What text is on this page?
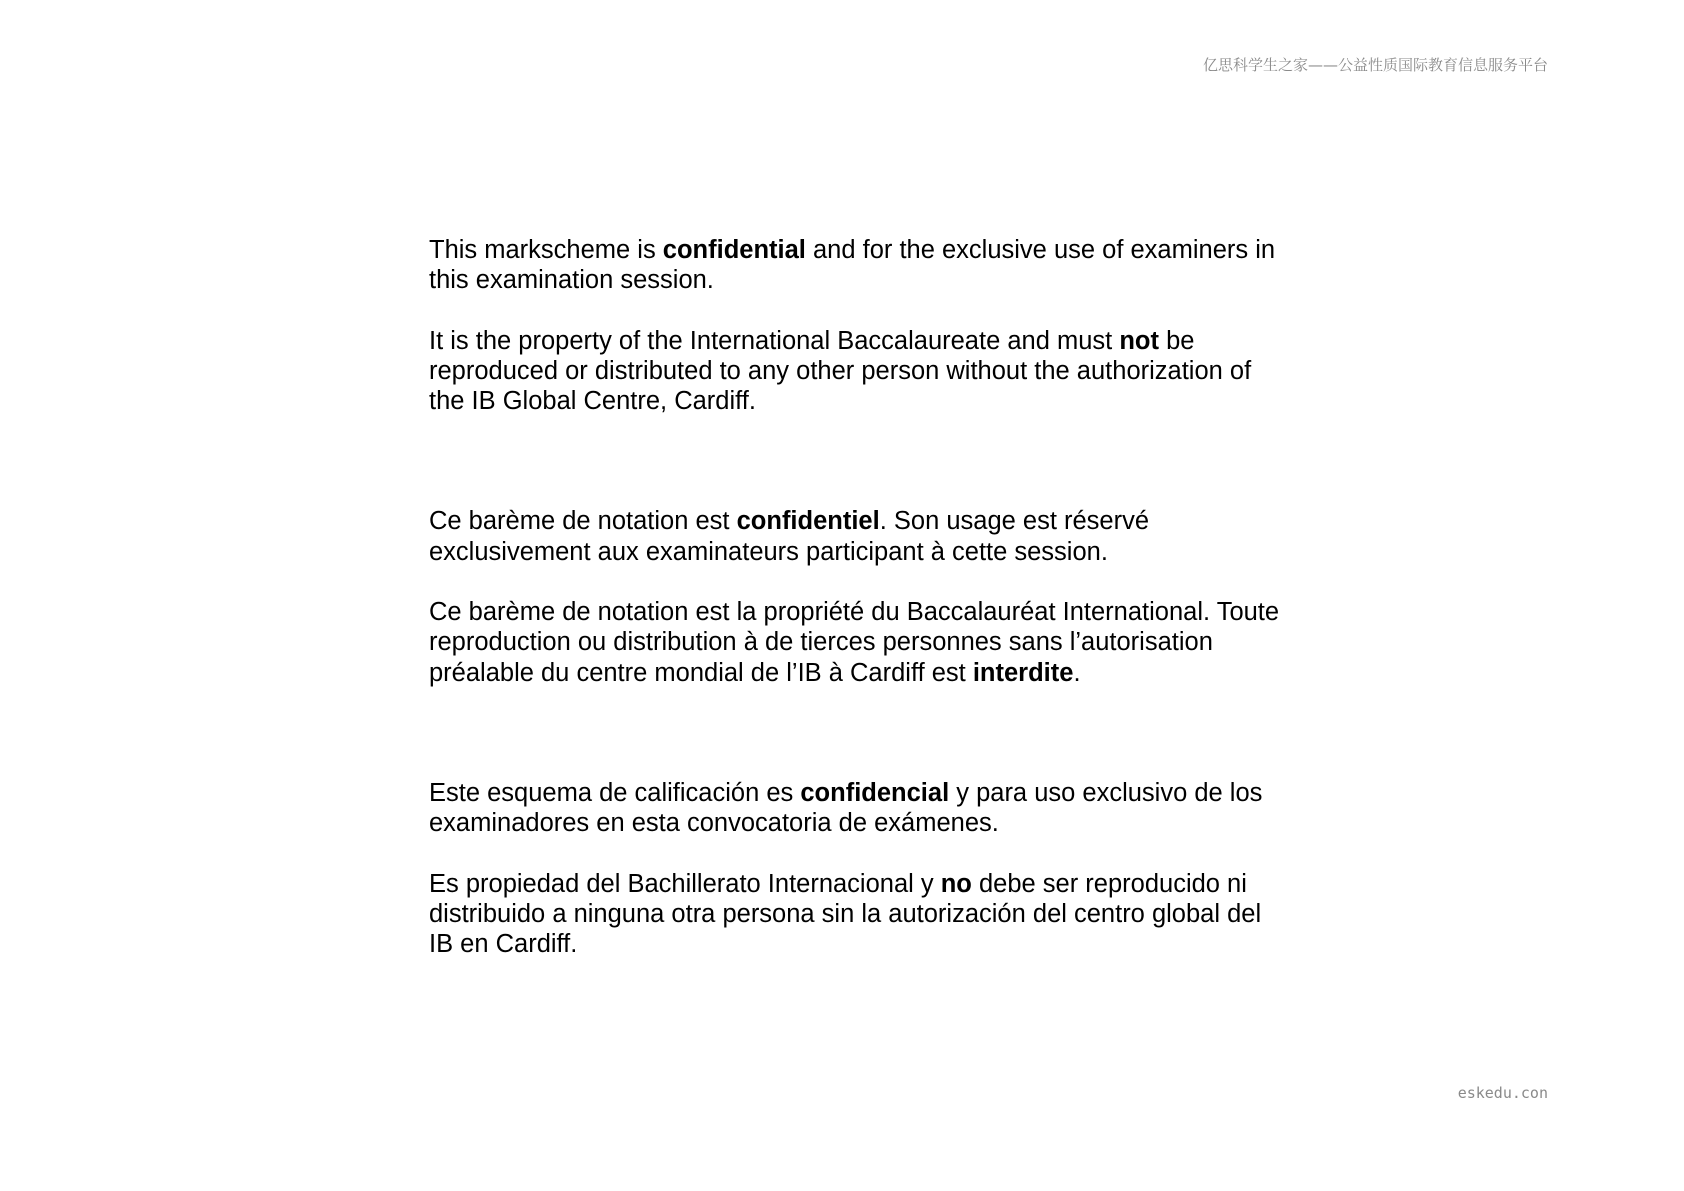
亿思科学生之家——公益性质国际教育信息服务平台

This markscheme is confidential and for the exclusive use of examiners in this examination session.

It is the property of the International Baccalaureate and must not be reproduced or distributed to any other person without the authorization of the IB Global Centre, Cardiff.

Ce barème de notation est confidentiel. Son usage est réservé exclusivement aux examinateurs participant à cette session.

Ce barème de notation est la propriété du Baccalauréat International. Toute reproduction ou distribution à de tierces personnes sans l’autorisation préalable du centre mondial de l’IB à Cardiff est interdite.

Este esquema de calificación es confidencial y para uso exclusivo de los examinadores en esta convocatoria de exámenes.

Es propiedad del Bachillerato Internacional y no debe ser reproducido ni distribuido a ninguna otra persona sin la autorización del centro global del IB en Cardiff.

eskedu.con
